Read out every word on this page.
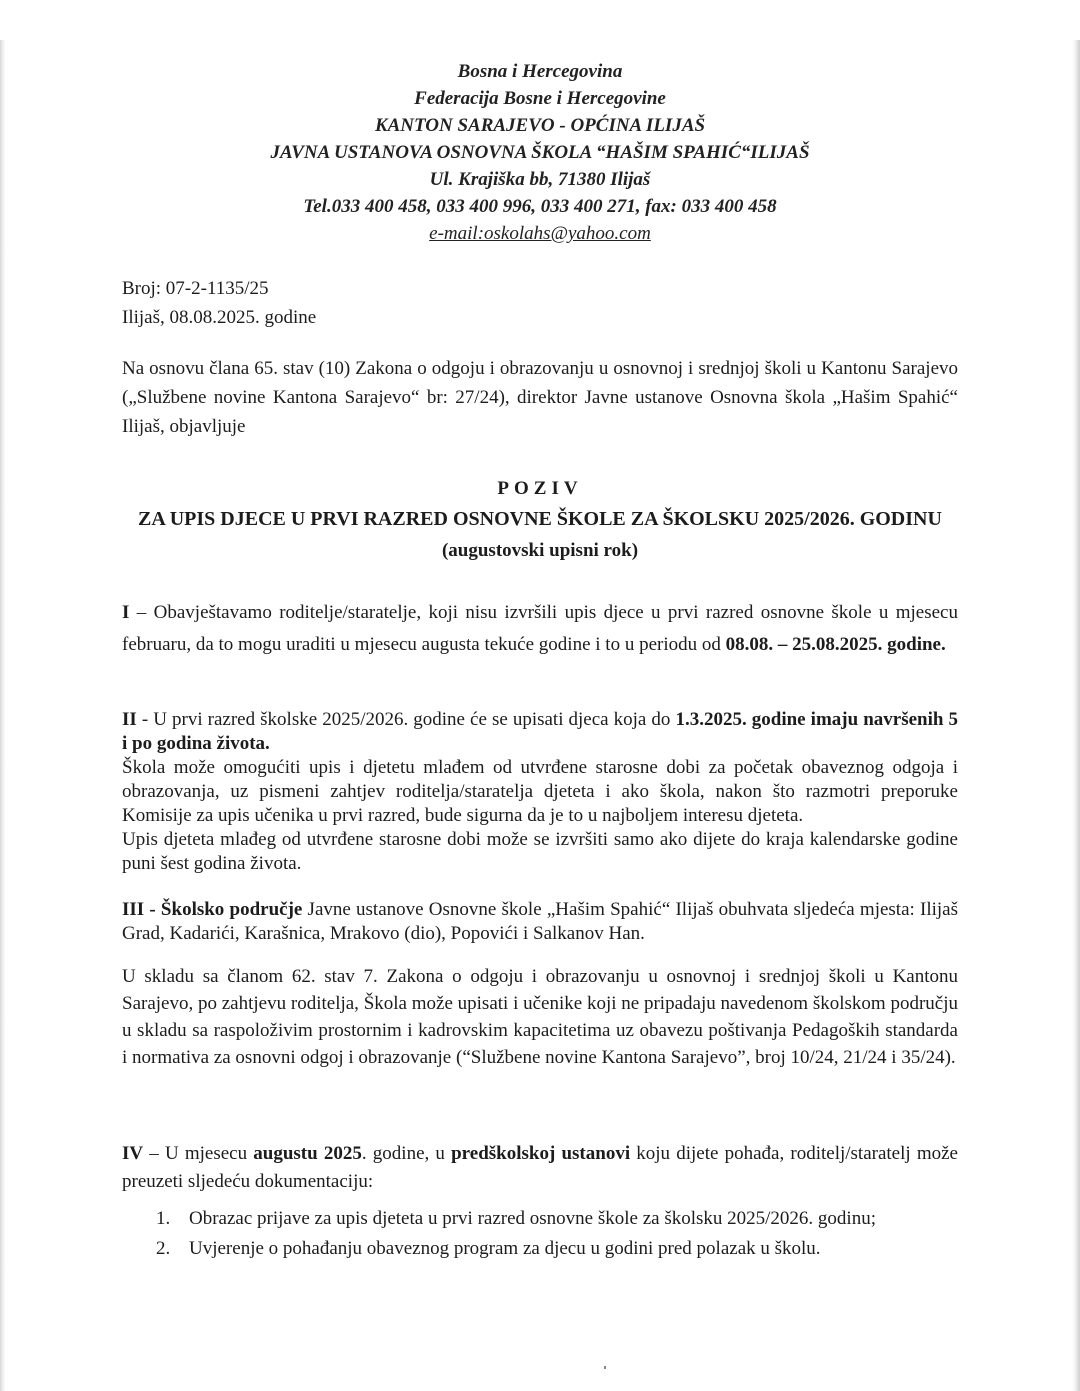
Bosna i Hercegovina
Federacija Bosne i Hercegovine
KANTON SARAJEVO - OPĆINA ILIJAŠ
JAVNA USTANOVA OSNOVNA ŠKOLA “HAŠIM SPAHIĆ“ILIJAŠ
Ul. Krajiška bb, 71380 Ilijaš
Tel.033 400 458, 033 400 996, 033 400 271, fax: 033 400 458
e-mail:oskolahs@yahoo.com
Broj: 07-2-1135/25
Ilijaš, 08.08.2025. godine
Na osnovu člana 65. stav (10) Zakona o odgoju i obrazovanju u osnovnoj i srednjoj školi u Kantonu Sarajevo („Službene novine Kantona Sarajevo“ br: 27/24), direktor Javne ustanove Osnovna škola „Hašim Spahić“ Ilijaš, objavljuje
POZIV
ZA UPIS DJECE U PRVI RAZRED OSNOVNE ŠKOLE ZA ŠKOLSKU 2025/2026. GODINU
(augustovski upisni rok)
I – Obavještavamo roditelje/staratelje, koji nisu izvršili upis djece u prvi razred osnovne škole u mjesecu februaru, da to mogu uraditi u mjesecu augusta tekuće godine i to u periodu od 08.08. – 25.08.2025. godine.
II - U prvi razred školske 2025/2026. godine će se upisati djeca koja do 1.3.2025. godine imaju navršenih 5 i po godina života.
Škola može omogućiti upis i djetetu mlađem od utvrđene starosne dobi za početak obaveznog odgoja i obrazovanja, uz pismeni zahtjev roditelja/staratelja djeteta i ako škola, nakon što razmotri preporuke Komisije za upis učenika u prvi razred, bude sigurna da je to u najboljem interesu djeteta.
Upis djeteta mlađeg od utvrđene starosne dobi može se izvršiti samo ako dijete do kraja kalendarske godine puni šest godina života.
III - Školsko područje Javne ustanove Osnovne škole „Hašim Spahić“ Ilijaš obuhvata sljedeća mjesta: Ilijaš Grad, Kadarići, Karašnica, Mrakovo (dio), Popovići i Salkanov Han.
U skladu sa članom 62. stav 7. Zakona o odgoju i obrazovanju u osnovnoj i srednjoj školi u Kantonu Sarajevo, po zahtjevu roditelja, Škola može upisati i učenike koji ne pripadaju navedenom školskom području u skladu sa raspoloživim prostornim i kadrovskim kapacitetima uz obavezu poštivanja Pedagoških standarda i normativa za osnovni odgoj i obrazovanje (“Službene novine Kantona Sarajevo”, broj 10/24, 21/24 i 35/24).
IV – U mjesecu augustu 2025. godine, u predškolskoj ustanovi koju dijete pohađa, roditelj/staratelj može preuzeti sljedeću dokumentaciju:
1. Obrazac prijave za upis djeteta u prvi razred osnovne škole za školsku 2025/2026. godinu;
2. Uvjerenje o pohađanju obaveznog program za djecu u godini pred polazak u školu.
